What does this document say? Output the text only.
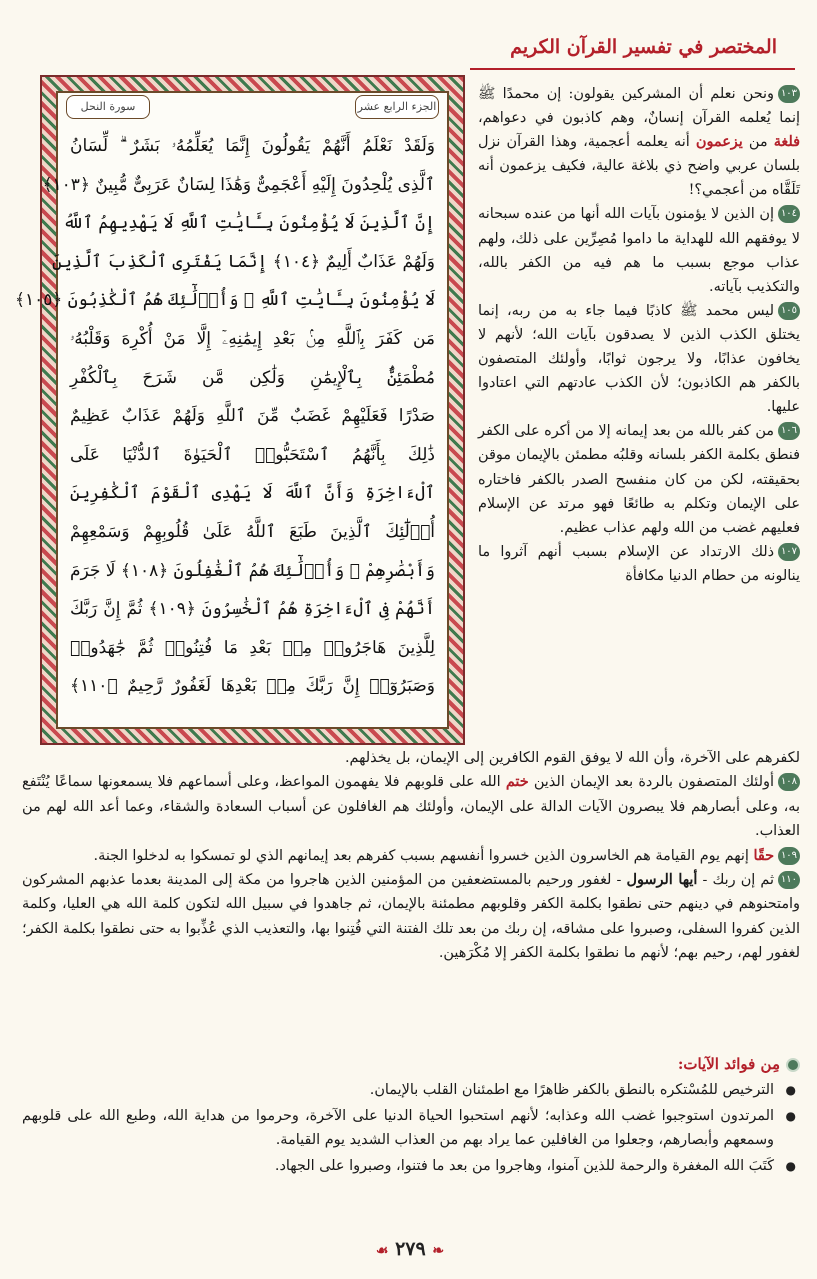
المختصر في تفسير القرآن الكريم
الجزء الرابع عشر
سورة النحل
وَلَقَدْ نَعْلَمُ أَنَّهُمْ يَقُولُونَ إِنَّمَا يُعَلِّمُهُۥ بَشَرٌ ۗ لِّسَانُ
ٱلَّذِى يُلْحِدُونَ إِلَيْهِ أَعْجَمِىٌّ وَهَٰذَا لِسَانٌ عَرَبِىٌّ مُّبِينٌ ﴿١٠٣﴾
إِنَّ ٱلَّذِينَ لَا يُؤْمِنُونَ بِـَٔايَٰتِ ٱللَّهِ لَا يَهْدِيهِمُ ٱللَّهُ
وَلَهُمْ عَذَابٌ أَلِيمٌ ﴿١٠٤﴾ إِنَّمَا يَفْتَرِى ٱلْكَذِبَ ٱلَّذِينَ
لَا يُؤْمِنُونَ بِـَٔايَٰتِ ٱللَّهِ ۖ وَأُو۟لَٰٓئِكَ هُمُ ٱلْكَٰذِبُونَ ﴿١٠٥﴾
مَن كَفَرَ بِٱللَّهِ مِنۢ بَعْدِ إِيمَٰنِهِۦٓ إِلَّا مَنْ أُكْرِهَ وَقَلْبُهُۥ
مُطْمَئِنٌّۢ بِٱلْإِيمَٰنِ وَلَٰكِن مَّن شَرَحَ بِٱلْكُفْرِ
صَدْرًا فَعَلَيْهِمْ غَضَبٌ مِّنَ ٱللَّهِ وَلَهُمْ عَذَابٌ عَظِيمٌ
ذَٰلِكَ بِأَنَّهُمُ ٱسْتَحَبُّوا۟ ٱلْحَيَوٰةَ ٱلدُّنْيَا عَلَى
ٱلْءَاخِرَةِ وَأَنَّ ٱللَّهَ لَا يَهْدِى ٱلْقَوْمَ ٱلْكَٰفِرِينَ
أُو۟لَٰٓئِكَ ٱلَّذِينَ طَبَعَ ٱللَّهُ عَلَىٰ قُلُوبِهِمْ وَسَمْعِهِمْ
وَأَبْصَٰرِهِمْ ۖ وَأُو۟لَٰٓئِكَ هُمُ ٱلْغَٰفِلُونَ ﴿١٠٨﴾ لَا جَرَمَ
أَنَّهُمْ فِى ٱلْءَاخِرَةِ هُمُ ٱلْخَٰسِرُونَ ﴿١٠٩﴾ ثُمَّ إِنَّ رَبَّكَ
لِلَّذِينَ هَاجَرُوا۟ مِنۢ بَعْدِ مَا فُتِنُوا۟ ثُمَّ جَٰهَدُوا۟
وَصَبَرُوٓا۟ إِنَّ رَبَّكَ مِنۢ بَعْدِهَا لَغَفُورٌ رَّحِيمٌ ﴿١١٠﴾

١٠٣ونحن نعلم أن المشركين يقولون: إن محمدًا ﷺ إنما يُعلمه القرآن إنسانٌ، وهم كاذبون في دعواهم، فلغة من يزعمون أنه يعلمه أعجمية، وهذا القرآن نزل بلسان عربي واضح ذي بلاغة عالية، فكيف يزعمون أنه تَلَقَّاه من أعجمي؟!

١٠٤إن الذين لا يؤمنون بآيات الله أنها من عنده سبحانه لا يوفقهم الله للهداية ما داموا مُصِرِّين على ذلك، ولهم عذاب موجع بسبب ما هم فيه من الكفر بالله، والتكذيب بآياته.

١٠٥ليس محمد ﷺ كاذبًا فيما جاء به من ربه، إنما يختلق الكذب الذين لا يصدقون بآيات الله؛ لأنهم لا يخافون عذابًا، ولا يرجون ثوابًا، وأولئك المتصفون بالكفر هم الكاذبون؛ لأن الكذب عادتهم التي اعتادوا عليها.

١٠٦من كفر بالله من بعد إيمانه إلا من أكره على الكفر فنطق بكلمة الكفر بلسانه وقلبُه مطمئن بالإيمان موقن بحقيقته، لكن من كان منفسح الصدر بالكفر فاختاره على الإيمان وتكلم به طائعًا فهو مرتد عن الإسلام فعليهم غضب من الله ولهم عذاب عظيم.

١٠٧ذلك الارتداد عن الإسلام بسبب أنهم آثروا ما ينالونه من حطام الدنيا مكافأة

لكفرهم على الآخرة، وأن الله لا يوفق القوم الكافرين إلى الإيمان، بل يخذلهم.

١٠٨أولئك المتصفون بالردة بعد الإيمان الذين ختم الله على قلوبهم فلا يفهمون المواعظ، وعلى أسماعهم فلا يسمعونها سماعًا يُنْتَفع به، وعلى أبصارهم فلا يبصرون الآيات الدالة على الإيمان، وأولئك هم الغافلون عن أسباب السعادة والشقاء، وعما أعد الله لهم من العذاب.

١٠٩حقًا إنهم يوم القيامة هم الخاسرون الذين خسروا أنفسهم بسبب كفرهم بعد إيمانهم الذي لو تمسكوا به لدخلوا الجنة.

١١٠ثم إن ربك - أيها الرسول - لغفور ورحيم بالمستضعفين من المؤمنين الذين هاجروا من مكة إلى المدينة بعدما عذبهم المشركون وامتحنوهم في دينهم حتى نطقوا بكلمة الكفر وقلوبهم مطمئنة بالإيمان، ثم جاهدوا في سبيل الله لتكون كلمة الله هي العليا، وكلمة الذين كفروا السفلى، وصبروا على مشاقه، إن ربك من بعد تلك الفتنة التي فُتِنوا بها، والتعذيب الذي عُذِّبوا به حتى نطقوا بكلمة الكفر؛ لغفور لهم، رحيم بهم؛ لأنهم ما نطقوا بكلمة الكفر إلا مُكْرَهين.

مِن فوائد الآيات:
● الترخيص للمُسْتكره بالنطق بالكفر ظاهرًا مع اطمئنان القلب بالإيمان.
● المرتدون استوجبوا غضب الله وعذابه؛ لأنهم استحبوا الحياة الدنيا على الآخرة، وحرموا من هداية الله، وطبع الله على قلوبهم وسمعهم وأبصارهم، وجعلوا من الغافلين عما يراد بهم من العذاب الشديد يوم القيامة.
● كَتَبَ الله المغفرة والرحمة للذين آمنوا، وهاجروا من بعد ما فتنوا، وصبروا على الجهاد.
❧ ٢٧٩ ☙
